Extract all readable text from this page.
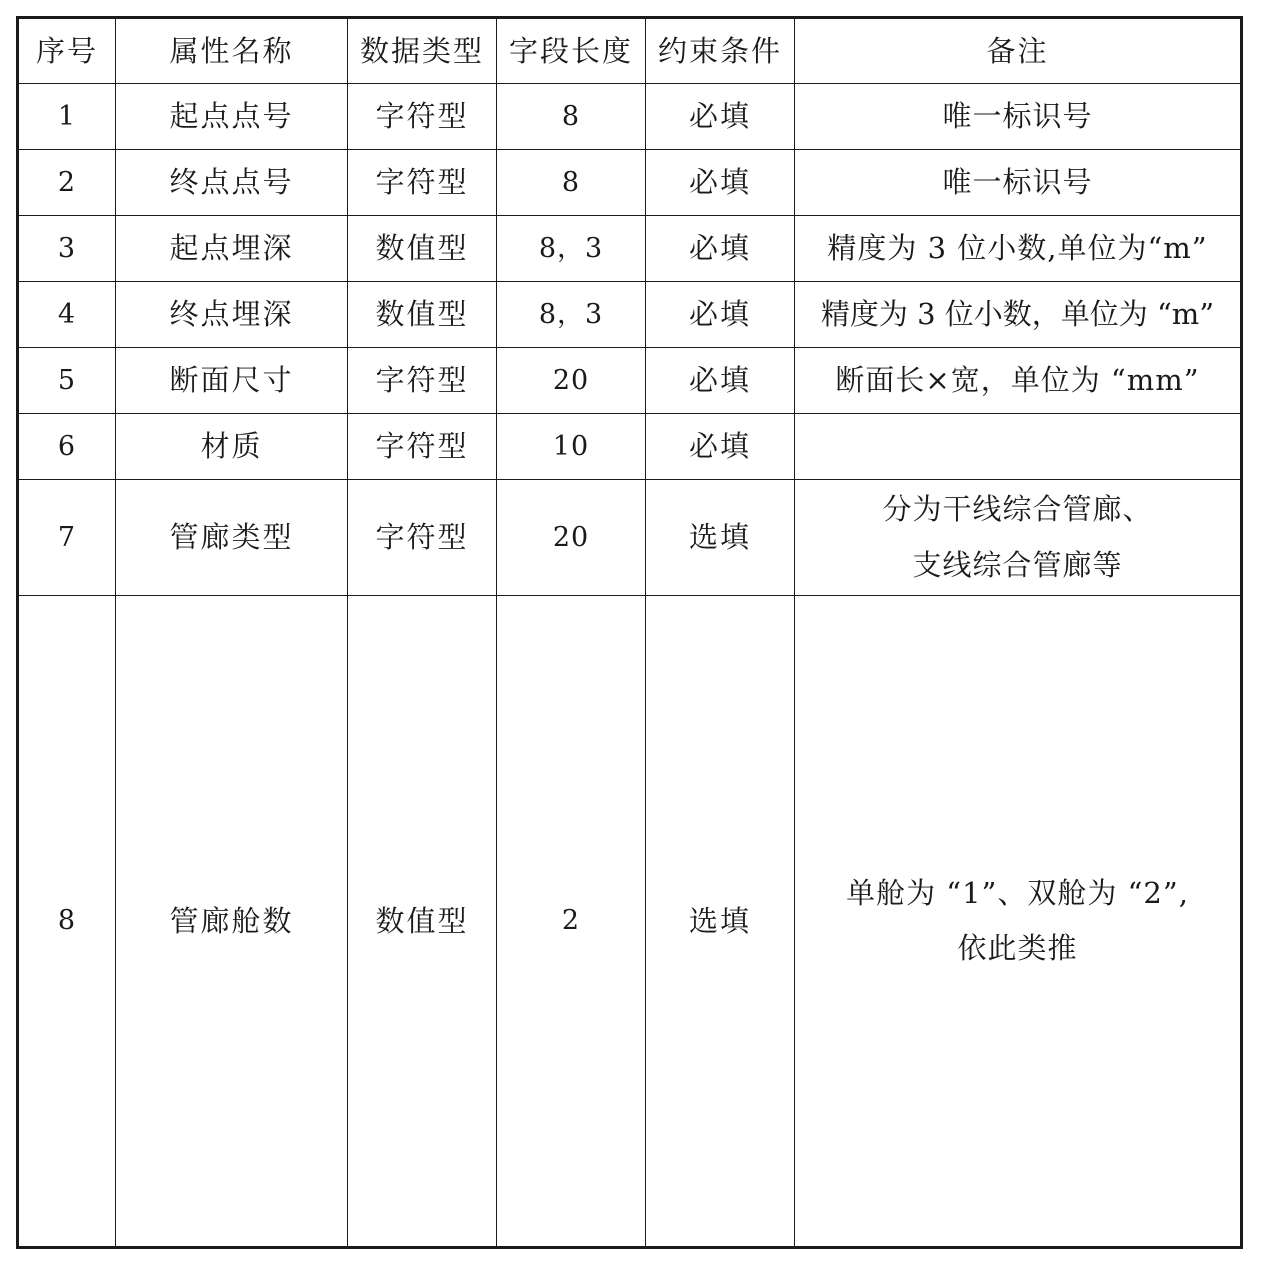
序号	属性名称	数据类型	字段长度	约束条件	备注
1	起点点号	字符型	8	必填	唯一标识号
2	终点点号	字符型	8	必填	唯一标识号
3	起点埋深	数值型	8，3	必填	精度为 3 位小数,单位为“m”
4	终点埋深	数值型	8，3	必填	精度为 3 位小数，单位为 “m”
5	断面尺寸	字符型	20	必填	断面长×宽，单位为 “mm”
6	材质	字符型	10	必填	
7	管廊类型	字符型	20	选填	分为干线综合管廊、
支线综合管廊等

8	管廊舱数	数值型	2	选填	单舱为 “1”、双舱为 “2”,
依此类推
